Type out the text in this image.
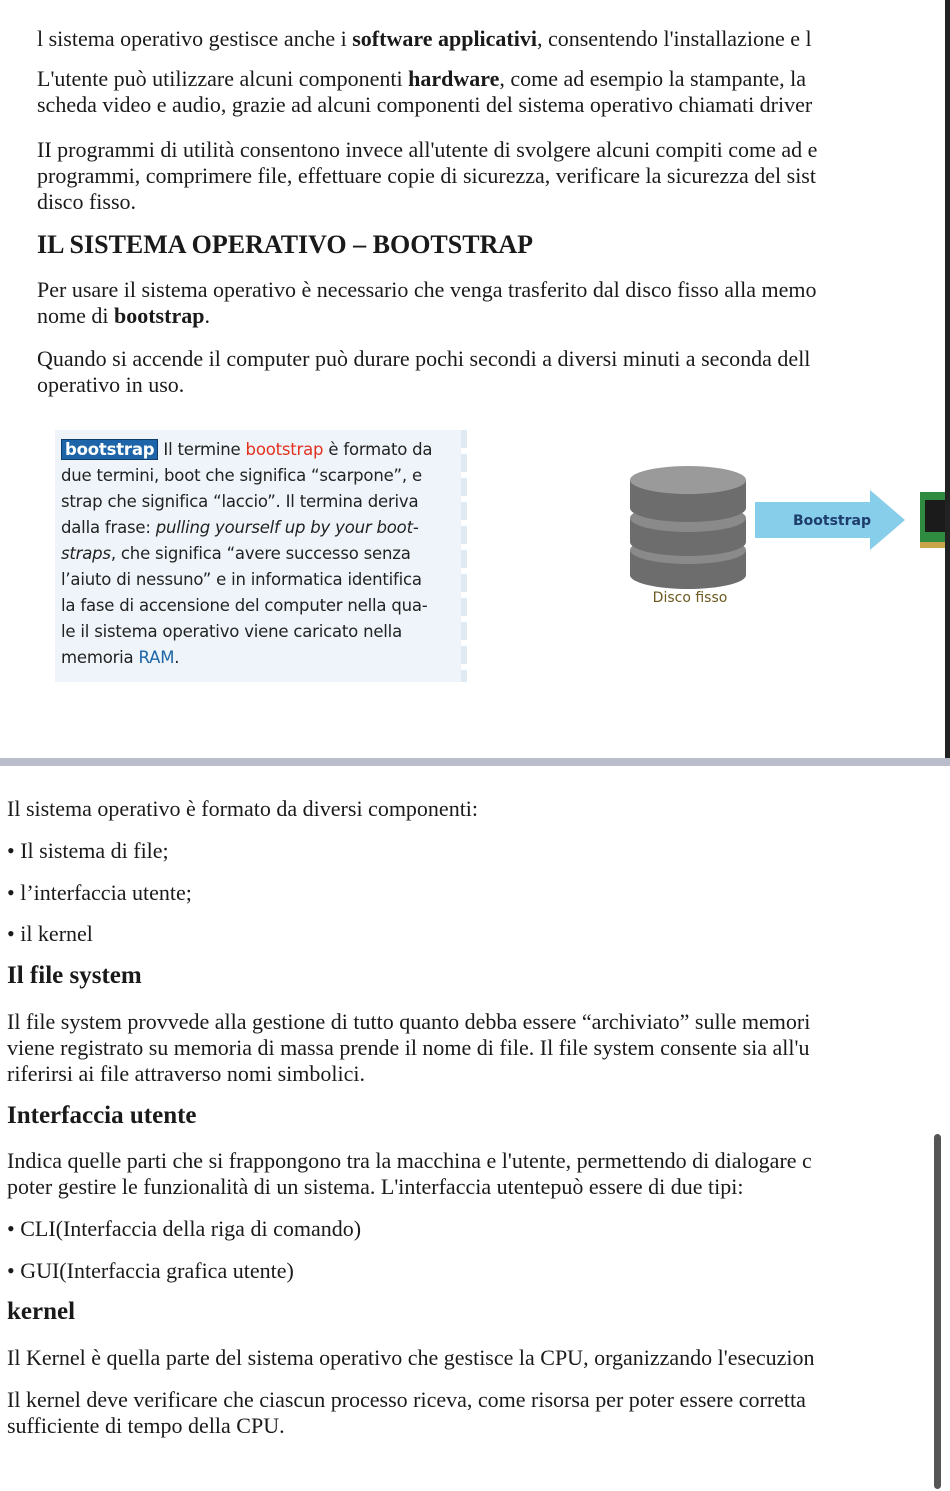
l sistema operativo gestisce anche i software applicativi, consentendo l'installazione e l
L'utente può utilizzare alcuni componenti hardware, come ad esempio la stampante, la
scheda video e audio, grazie ad alcuni componenti del sistema operativo chiamati driver
II programmi di utilità consentono invece all'utente di svolgere alcuni compiti come ad e
programmi, comprimere file, effettuare copie di sicurezza, verificare la sicurezza del sist
disco fisso.
IL SISTEMA OPERATIVO – BOOTSTRAP
Per usare il sistema operativo è necessario che venga trasferito dal disco fisso alla memo
nome di bootstrap.
Quando si accende il computer può durare pochi secondi a diversi minuti a seconda dell
operativo in uso.
bootstrap Il termine bootstrap è formato da
due termini, boot che significa “scarpone”, e
strap che significa “laccio”. Il termina deriva
dalla frase: pulling yourself up by your boot-
straps, che significa “avere successo senza
l’aiuto di nessuno” e in informatica identifica
la fase di accensione del computer nella qua-
le il sistema operativo viene caricato nella
memoria RAM.
Disco fisso
Bootstrap
Il sistema operativo è formato da diversi componenti:
• Il sistema di file;
• l’interfaccia utente;
• il kernel
Il file system
Il file system provvede alla gestione di tutto quanto debba essere “archiviato” sulle memori
viene registrato su memoria di massa prende il nome di file. Il file system consente sia all'u
riferirsi ai file attraverso nomi simbolici.
Interfaccia utente
Indica quelle parti che si frappongono tra la macchina e l'utente, permettendo di dialogare c
poter gestire le funzionalità di un sistema. L'interfaccia utentepuò essere di due tipi:
• CLI(Interfaccia della riga di comando)
• GUI(Interfaccia grafica utente)
kernel
Il Kernel è quella parte del sistema operativo che gestisce la CPU, organizzando l'esecuzion
Il kernel deve verificare che ciascun processo riceva, come risorsa per poter essere corretta
sufficiente di tempo della CPU.
